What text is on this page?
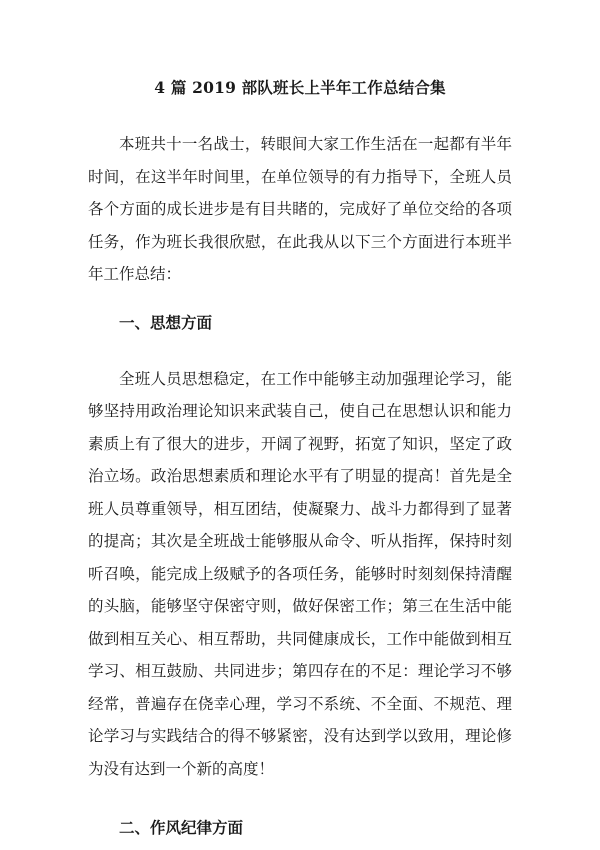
4 篇 2019 部队班长上半年工作总结合集

本班共十一名战士，转眼间大家工作生活在一起都有半年时间，在这半年时间里，在单位领导的有力指导下，全班人员各个方面的成长进步是有目共睹的，完成好了单位交给的各项任务，作为班长我很欣慰，在此我从以下三个方面进行本班半年工作总结：

一、思想方面

全班人员思想稳定，在工作中能够主动加强理论学习，能够坚持用政治理论知识来武装自己，使自己在思想认识和能力素质上有了很大的进步，开阔了视野，拓宽了知识，坚定了政治立场。政治思想素质和理论水平有了明显的提高！首先是全班人员尊重领导，相互团结，使凝聚力、战斗力都得到了显著的提高；其次是全班战士能够服从命令、听从指挥，保持时刻听召唤，能完成上级赋予的各项任务，能够时时刻刻保持清醒的头脑，能够坚守保密守则，做好保密工作；第三在生活中能做到相互关心、相互帮助，共同健康成长，工作中能做到相互学习、相互鼓励、共同进步；第四存在的不足：理论学习不够经常，普遍存在侥幸心理，学习不系统、不全面、不规范、理论学习与实践结合的得不够紧密，没有达到学以致用，理论修为没有达到一个新的高度！

二、作风纪律方面
